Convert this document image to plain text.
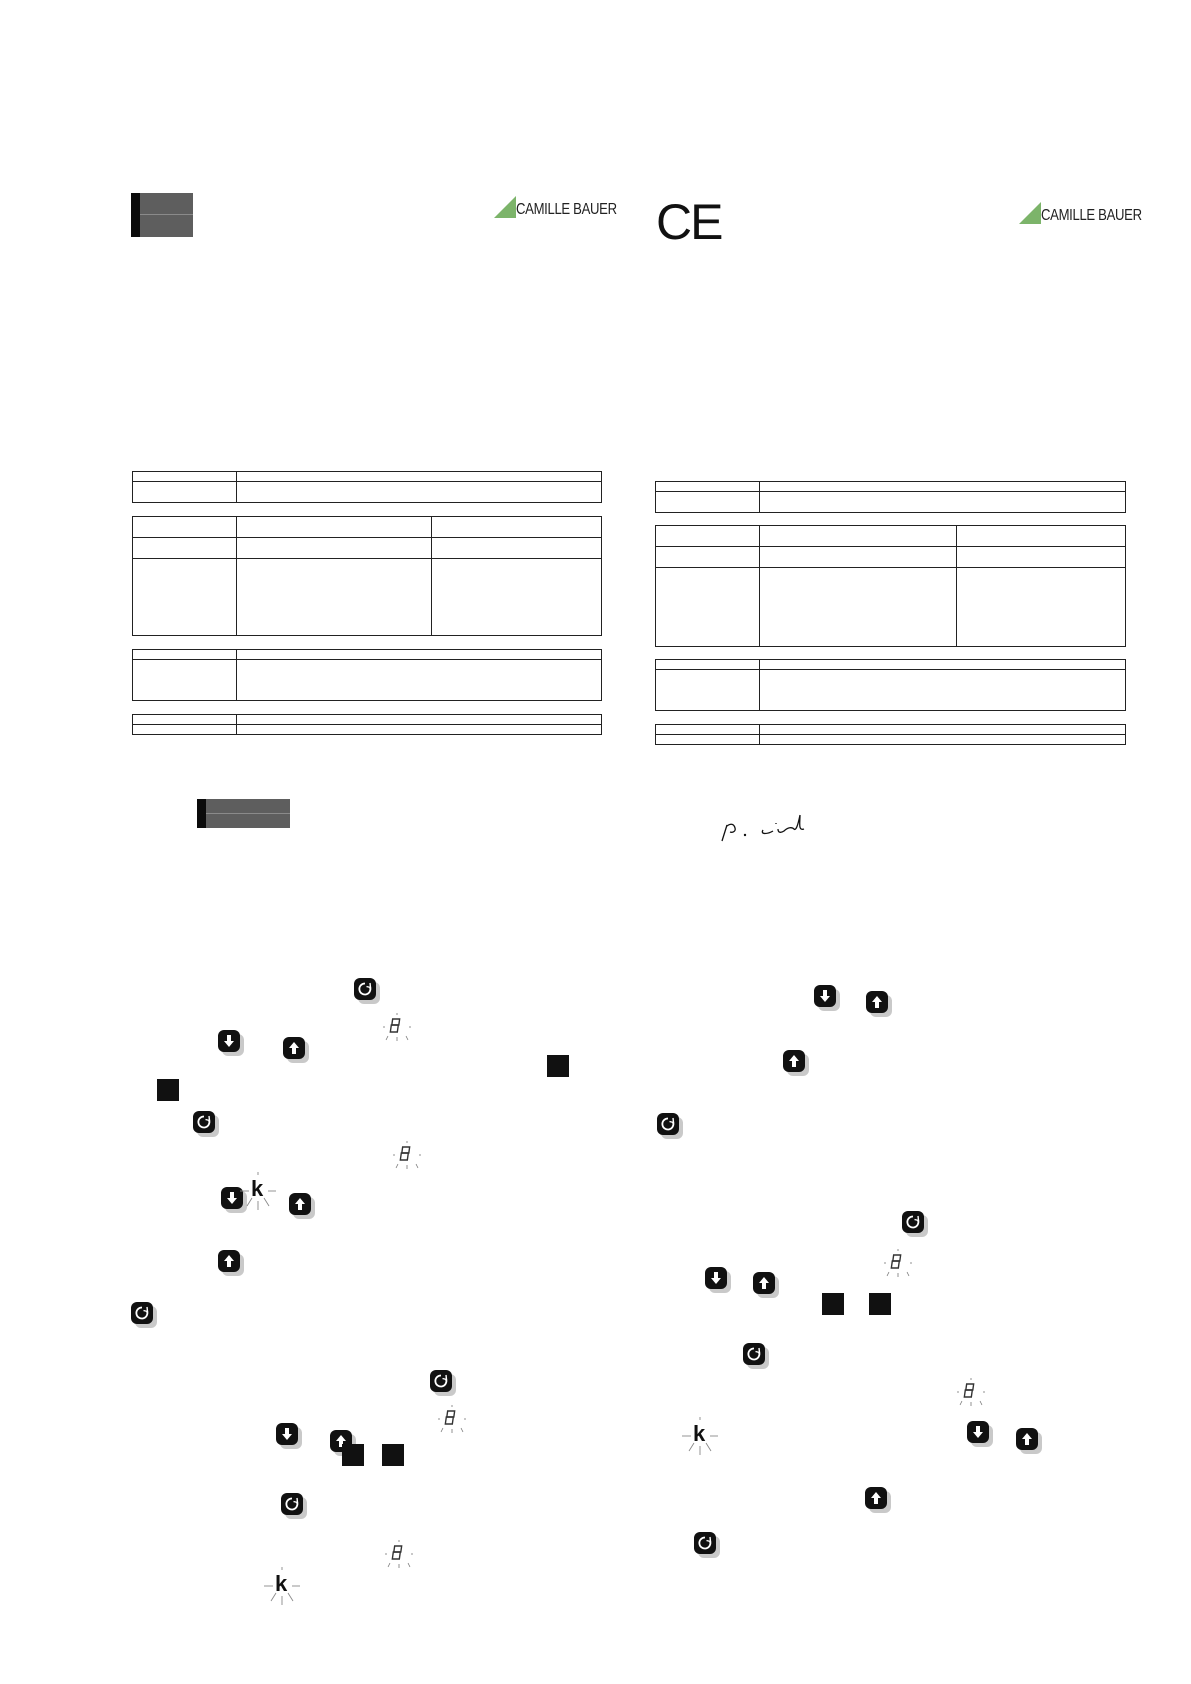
CAMILLE BAUER

	CE	CAMILLE BAUER

k
k
k
